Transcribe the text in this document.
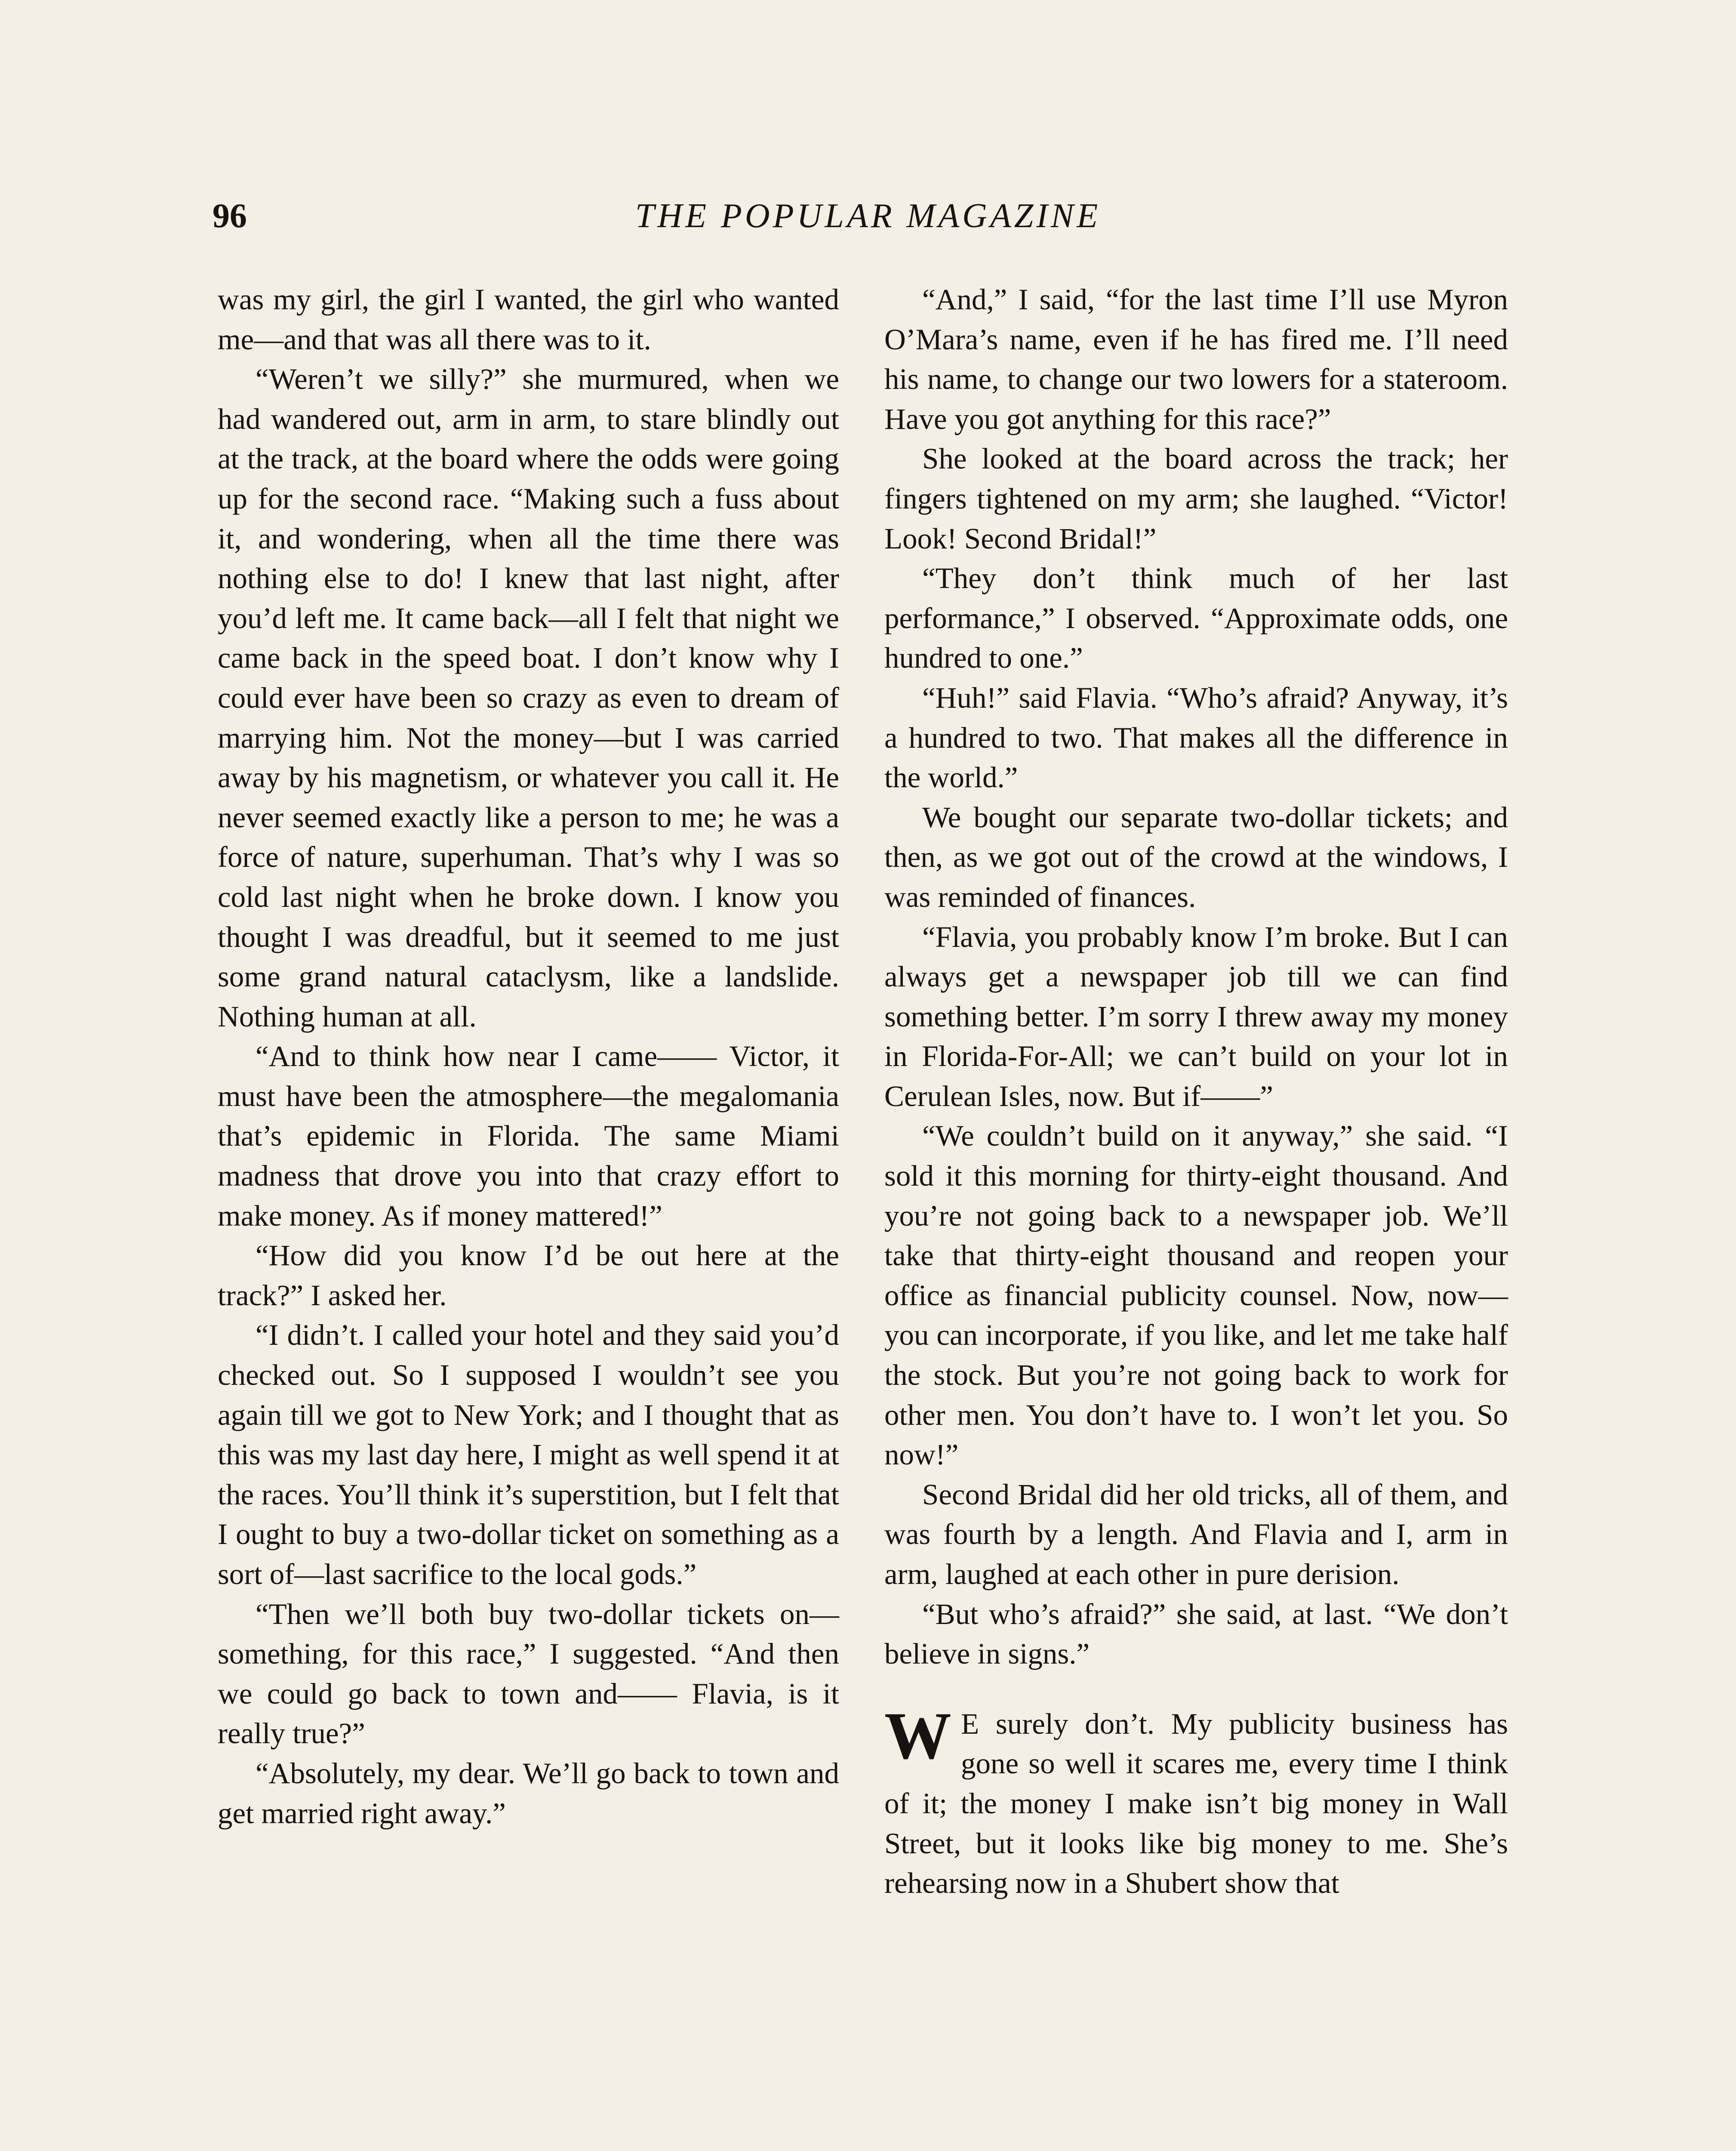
96	THE POPULAR MAGAZINE

was my girl, the girl I wanted, the girl who wanted me—and that was all there was to it.

“Weren’t we silly?” she murmured, when we had wandered out, arm in arm, to stare blindly out at the track, at the board where the odds were going up for the second race. “Making such a fuss about it, and wondering, when all the time there was nothing else to do! I knew that last night, after you’d left me. It came back—all I felt that night we came back in the speed boat. I don’t know why I could ever have been so crazy as even to dream of marrying him. Not the money—but I was carried away by his magnetism, or whatever you call it. He never seemed exactly like a person to me; he was a force of nature, superhuman. That’s why I was so cold last night when he broke down. I know you thought I was dreadful, but it seemed to me just some grand natural cataclysm, like a landslide. Nothing human at all.

“And to think how near I came—— Victor, it must have been the atmosphere—the megalomania that’s epidemic in Florida. The same Miami madness that drove you into that crazy effort to make money. As if money mattered!”

“How did you know I’d be out here at the track?” I asked her.

“I didn’t. I called your hotel and they said you’d checked out. So I supposed I wouldn’t see you again till we got to New York; and I thought that as this was my last day here, I might as well spend it at the races. You’ll think it’s superstition, but I felt that I ought to buy a two-dollar ticket on something as a sort of—last sacrifice to the local gods.”

“Then we’ll both buy two-dollar tickets on—something, for this race,” I suggested. “And then we could go back to town and—— Flavia, is it really true?”

“Absolutely, my dear. We’ll go back to town and get married right away.”

“And,” I said, “for the last time I’ll use Myron O’Mara’s name, even if he has fired me. I’ll need his name, to change our two lowers for a stateroom. Have you got anything for this race?”

She looked at the board across the track; her fingers tightened on my arm; she laughed. “Victor! Look! Second Bridal!”

“They don’t think much of her last performance,” I observed. “Approximate odds, one hundred to one.”

“Huh!” said Flavia. “Who’s afraid? Anyway, it’s a hundred to two. That makes all the difference in the world.”

We bought our separate two-dollar tickets; and then, as we got out of the crowd at the windows, I was reminded of finances.

“Flavia, you probably know I’m broke. But I can always get a newspaper job till we can find something better. I’m sorry I threw away my money in Florida-For-All; we can’t build on your lot in Cerulean Isles, now. But if——”

“We couldn’t build on it anyway,” she said. “I sold it this morning for thirty-eight thousand. And you’re not going back to a newspaper job. We’ll take that thirty-eight thousand and reopen your office as financial publicity counsel. Now, now—you can incorporate, if you like, and let me take half the stock. But you’re not going back to work for other men. You don’t have to. I won’t let you. So now!”

Second Bridal did her old tricks, all of them, and was fourth by a length. And Flavia and I, arm in arm, laughed at each other in pure derision.

“But who’s afraid?” she said, at last. “We don’t believe in signs.”

W E surely don’t. My publicity business has gone so well it scares me, every time I think of it; the money I make isn’t big money in Wall Street, but it looks like big money to me. She’s rehearsing now in a Shubert show that
